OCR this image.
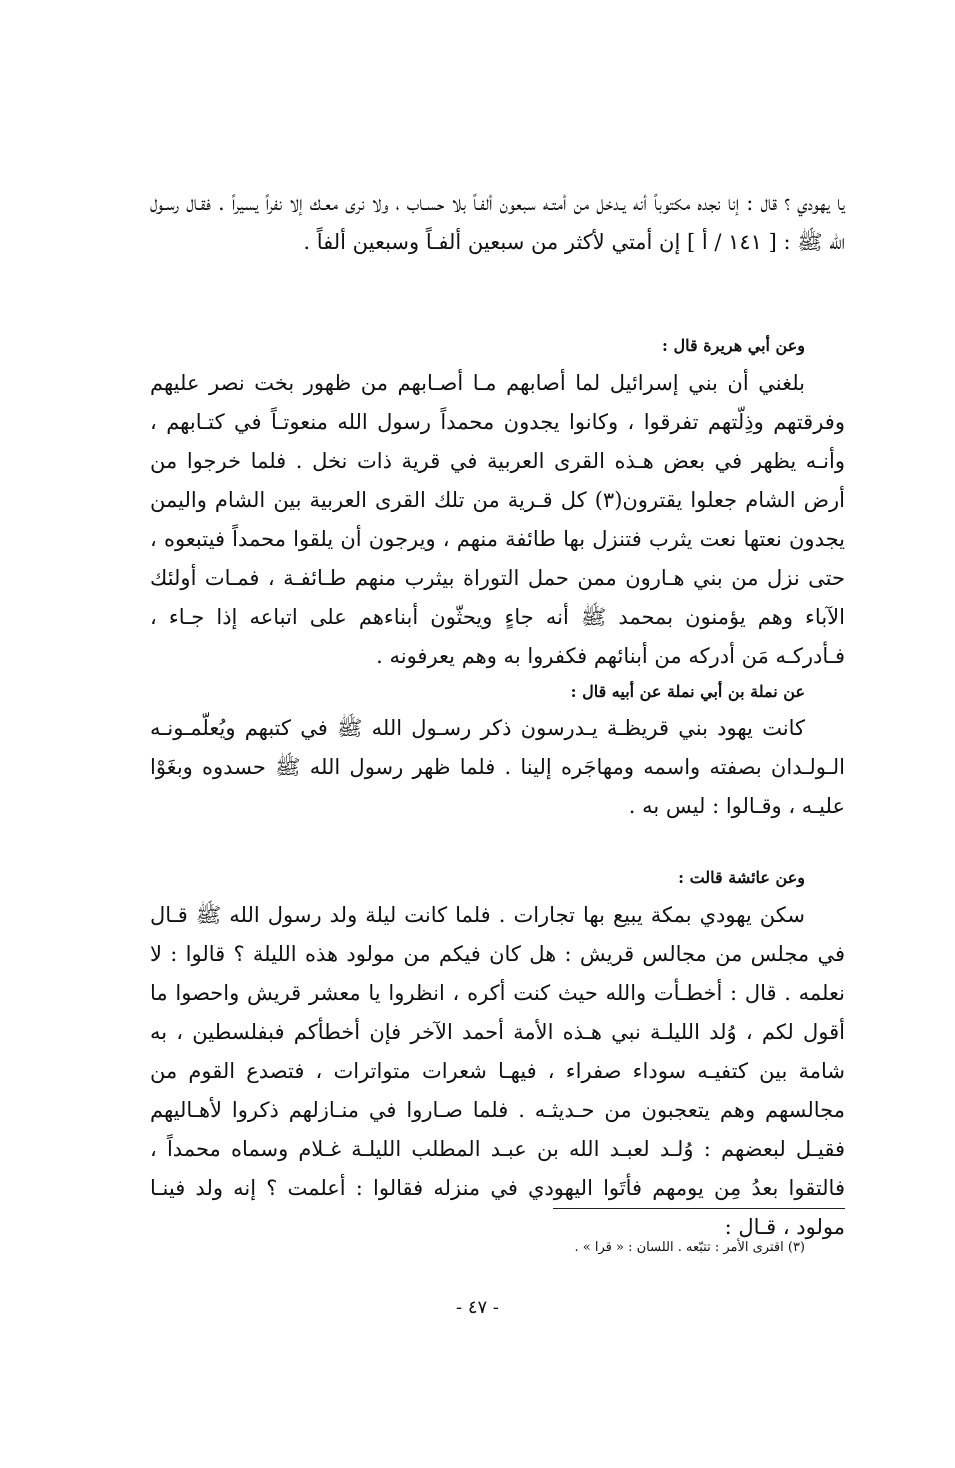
يا يهودي ؟ قال : إنا نجده مكتوباً أنه يـدخل من أمتـه سبعون ألفـاً بلا حسـاب ، ولا نرى معـك إلا نفراً يسيراً . فقـال رسـول الله ﷺ : [ ١٤١ / أ ] إن أمتي لأكثر من سبعين ألفـاً وسبعين ألفاً .

وعن أبي هريرة قال :

بلغني أن بني إسرائيل لما أصابهم مـا أصـابهم من ظهور بخت نصر عليهم وفرقتهم وذِلّتهم تفرقوا ، وكانوا يجدون محمداً رسول الله منعوتـاً في كتـابهم ، وأنـه يظهر في بعض هـذه القرى العربية في قرية ذات نخل . فلما خرجوا من أرض الشام جعلوا يقترون(٣) كل قـرية من تلك القرى العربية بين الشام واليمن يجدون نعتها نعت يثرب فتنزل بها طائفة منهم ، ويرجون أن يلقوا محمداً فيتبعوه ، حتى نزل من بني هـارون ممن حمل التوراة بيثرب منهم طـائفـة ، فمـات أولئك الآباء وهم يؤمنون بمحمد ﷺ أنه جاءٍ ويحثّون أبناءهم على اتباعه إذا جـاء ، فـأدركـه مَن أدركه من أبنائهم فكفروا به وهم يعرفونه .

عن نملة بن أبي نملة عن أبيه قال :

كانت يهود بني قريظـة يـدرسون ذكر رسـول الله ﷺ في كتبهم ويُعلّمـونـه الـولـدان بصفته واسمه ومهاجَره إلينا . فلما ظهر رسول الله ﷺ حسدوه وبغَوْا عليـه ، وقـالوا : ليس به .

وعن عائشة قالت :

سكن يهودي بمكة يبيع بها تجارات . فلما كانت ليلة ولد رسول الله ﷺ قـال في مجلس من مجالس قريش : هل كان فيكم من مولود هذه الليلة ؟ قالوا : لا نعلمه . قال : أخطـأت والله حيث كنت أكره ، انظروا يا معشر قريش واحصوا ما أقول لكم ، وُلد الليلـة نبي هـذه الأمة أحمد الآخر فإن أخطأكم فبفلسطين ، به شامة بين كتفيـه سوداء صفراء ، فيهـا شعرات متواترات ، فتصدع القوم من مجالسهم وهم يتعجبون من حـديثـه . فلما صـاروا في منـازلهم ذكروا لأهـاليهم فقيـل لبعضهم : وُلـد لعبـد الله بن عبـد المطلب الليلـة غـلام وسماه محمداً ، فالتقوا بعدُ مِن يومهم فأتَوا اليهودي في منزله فقالوا : أعلمت ؟ إنه ولد فينـا مولود ، قـال :

(٣) اقترى الأمر : تتبّعه . اللسان : « قرا » .

- ٤٧ -
